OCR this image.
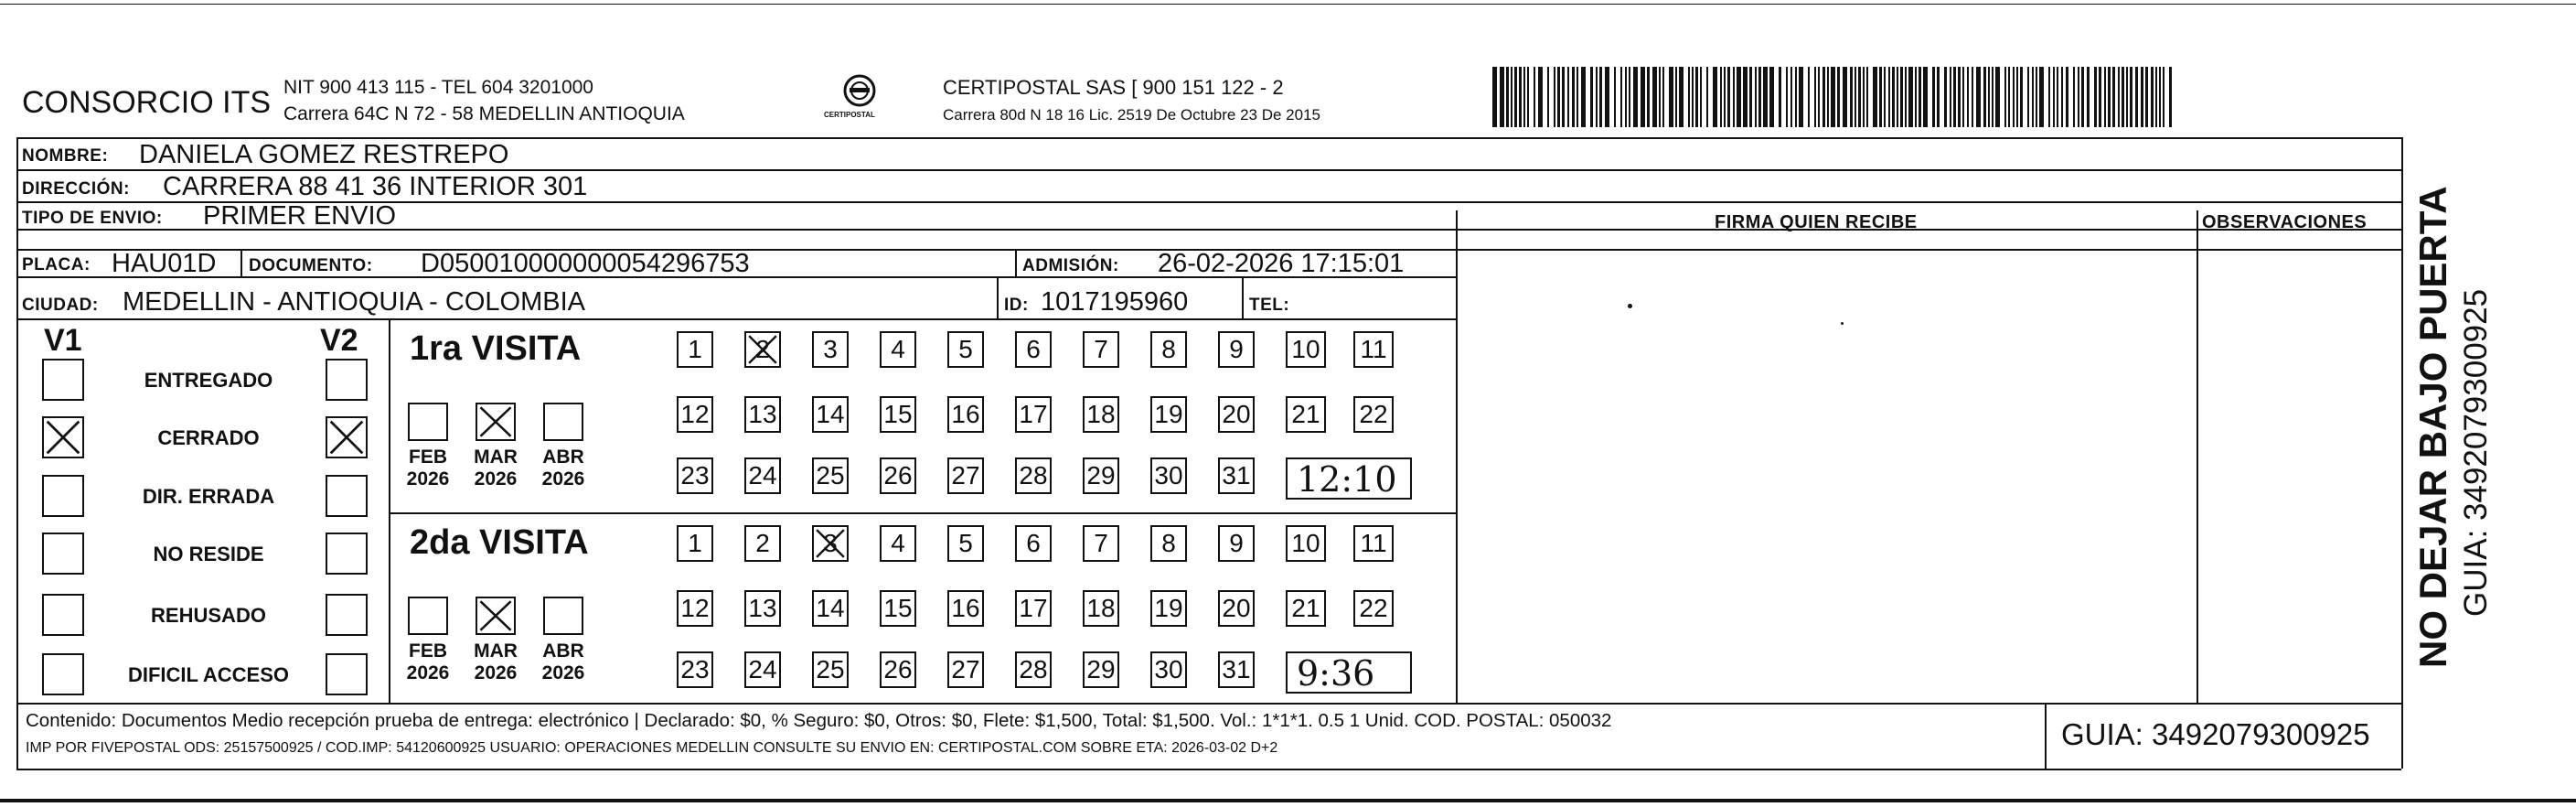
CONSORCIO ITS NIT 900 413 115 - TEL 604 3201000
Carrera 64C N 72 - 58 MEDELLIN ANTIOQUIA	CERTIPOSTAL
CERTIPOSTAL SAS [ 900 151 122 - 2
Carrera 80d N 18 16 Lic. 2519 De Octubre 23 De 2015
NOMBRE: DANIELA GOMEZ RESTREPO
DIRECCIÓN: CARRERA 88 41 36 INTERIOR 301
TIPO DE ENVIO: PRIMER ENVIO	FIRMA QUIEN RECIBE	OBSERVACIONES
PLACA: HAU01D DOCUMENTO: D050010000000054296753	ADMISIÓN: 26-02-2026 17:15:01
CIUDAD: MEDELLIN - ANTIOQUIA - COLOMBIA	ID: 1017195960	TEL:
V1	V2
ENTREGADO
CERRADO
DIR. ERRADA
NO RESIDE
REHUSADO
DIFICIL ACCESO
1ra VISITA
FEB
2026
MAR
2026
ABR
2026
1 2 3 4 5 6 7 8 9 10 11
12 13 14 15 16 17 18 19 20 21 22
23 24 25 26 27 28 29 30 31 12:10
2da VISITA
FEB
2026
MAR
2026
ABR
2026
1 2 3 4 5 6 7 8 9 10 11
12 13 14 15 16 17 18 19 20 21 22
23 24 25 26 27 28 29 30 31 9:36
Contenido: Documentos Medio recepción prueba de entrega: electrónico | Declarado: $0, % Seguro: $0, Otros: $0, Flete: $1,500, Total: $1,500. Vol.: 1*1*1. 0.5 1 Unid. COD. POSTAL: 050032
IMP POR FIVEPOSTAL ODS: 25157500925 / COD.IMP: 54120600925 USUARIO: OPERACIONES MEDELLIN CONSULTE SU ENVIO EN: CERTIPOSTAL.COM SOBRE ETA: 2026-03-02 D+2	GUIA: 3492079300925
NO DEJAR BAJO PUERTA GUIA: 3492079300925
